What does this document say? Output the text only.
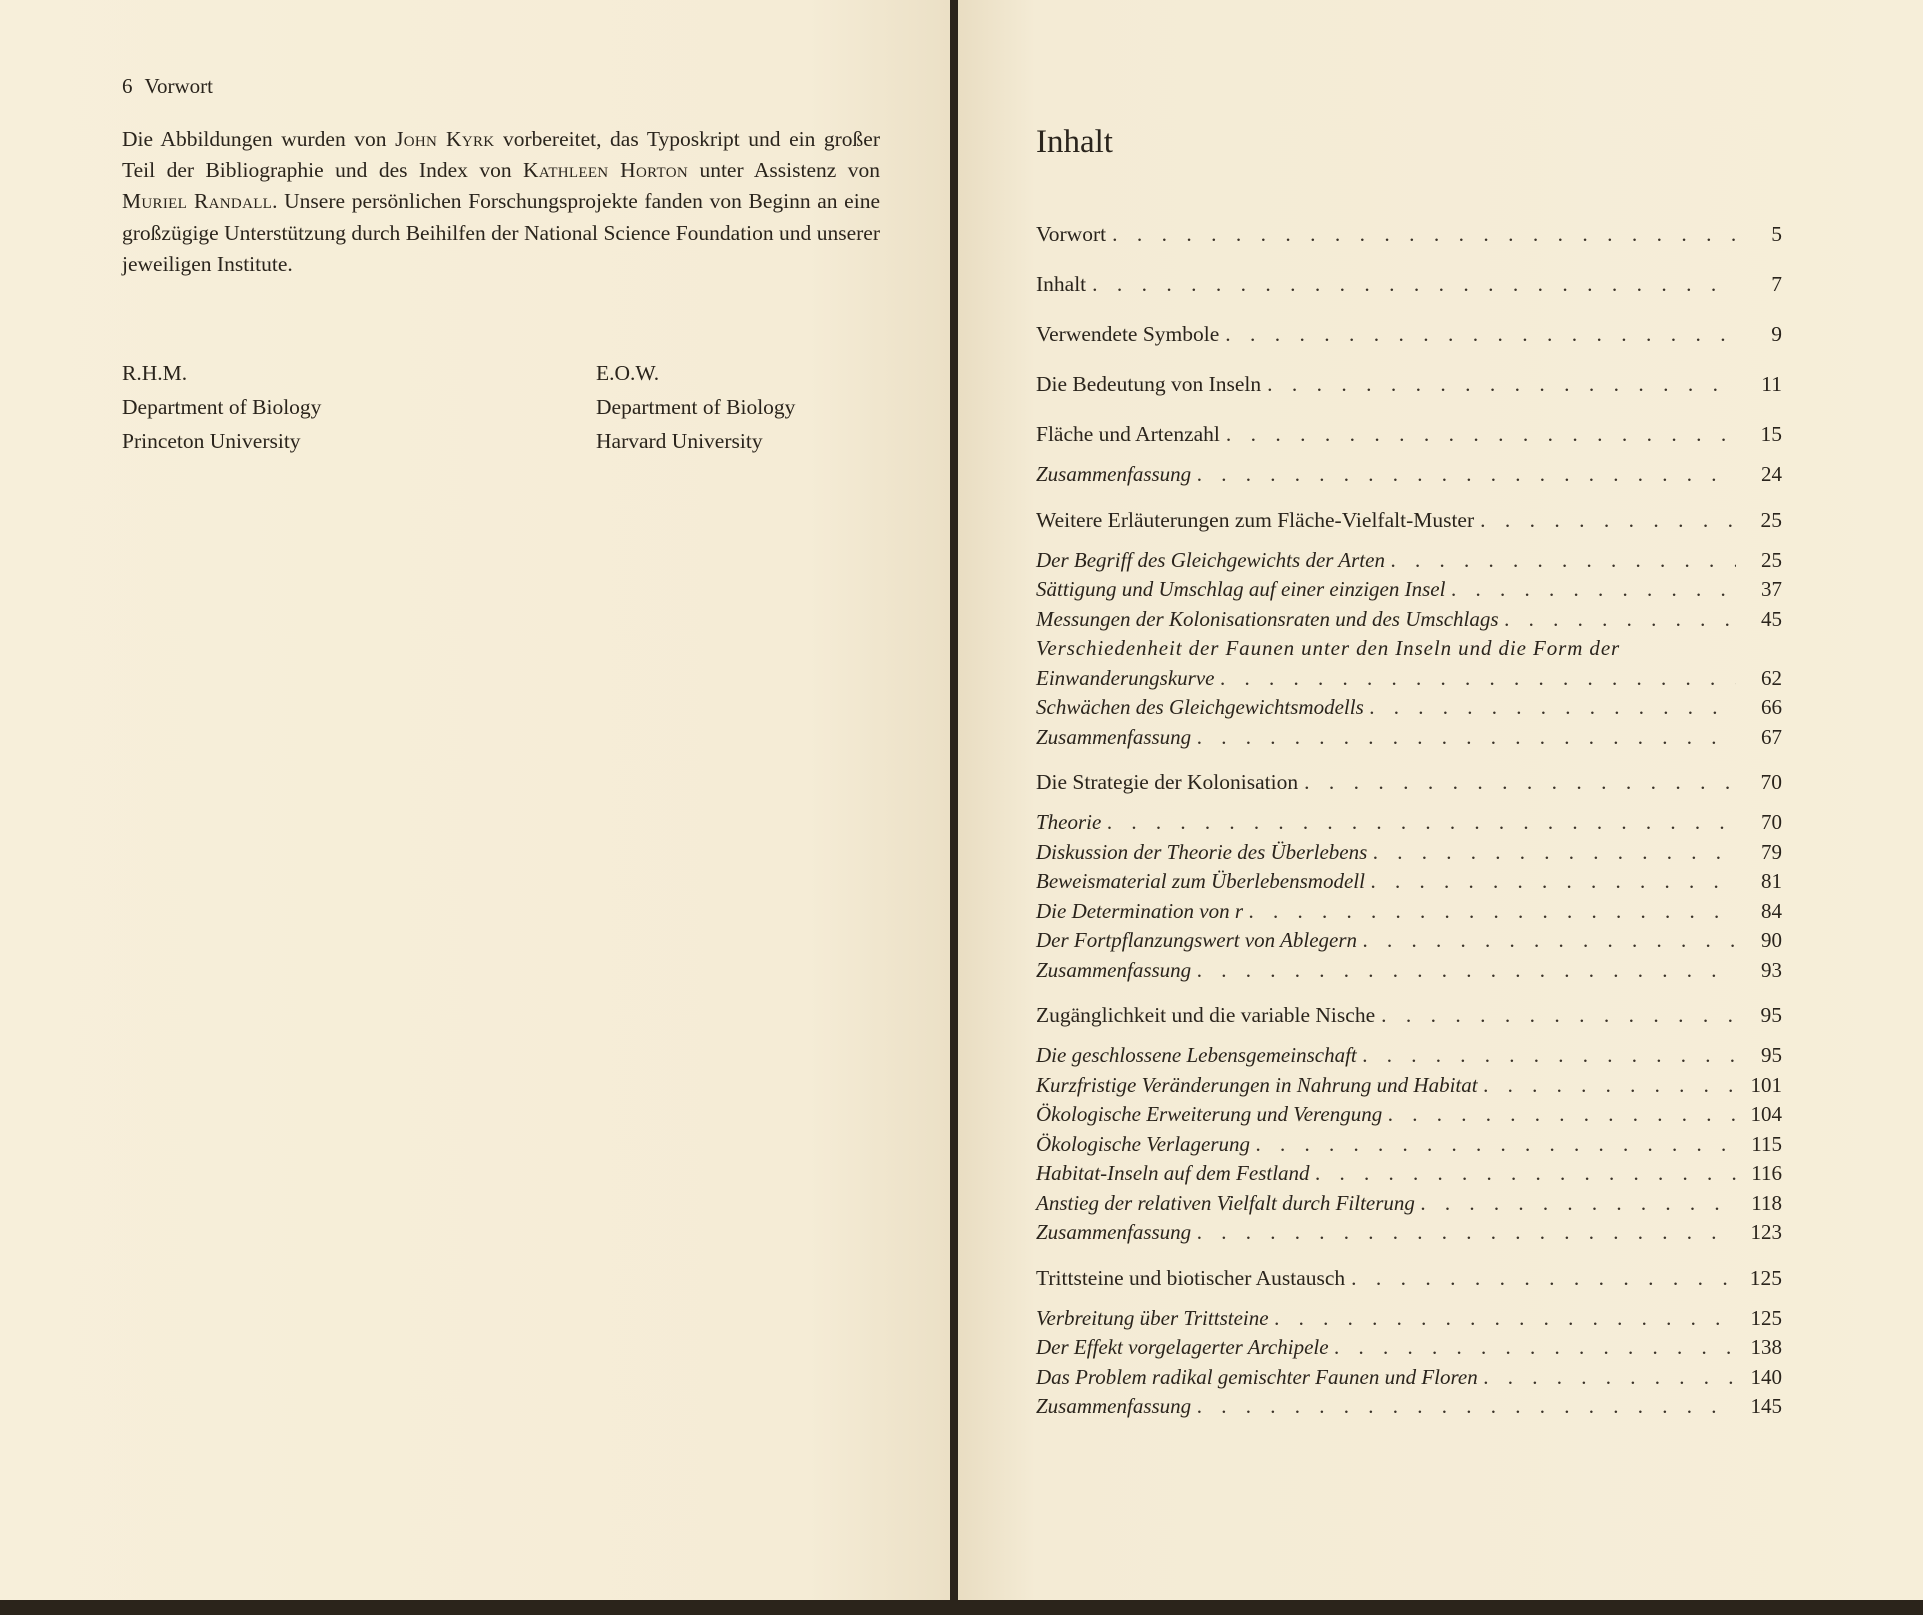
6 Vorwort

Die Abbildungen wurden von John Kyrk vorbereitet, das Typoskript und ein großer Teil der Bibliographie und des Index von Kathleen Horton unter Assistenz von Muriel Randall. Unsere persönlichen Forschungsprojekte fanden von Beginn an eine großzügige Unterstützung durch Beihilfen der National Science Foundation und unserer jeweiligen Institute.

R.H.M.
Department of Biology
Princeton University
E.O.W.
Department of Biology
Harvard University
Inhalt
Vorwort . . .	5
Inhalt . . .	7
Verwendete Symbole . . .	9
Die Bedeutung von Inseln . . .	11
Fläche und Artenzahl . . .	15
Zusammenfassung . . .	24
Weitere Erläuterungen zum Fläche-Vielfalt-Muster . . .	25
Der Begriff des Gleichgewichts der Arten . . .	25
Sättigung und Umschlag auf einer einzigen Insel . . .	37
Messungen der Kolonisationsraten und des Umschlags . . .	45
Verschiedenheit der Faunen unter den Inseln und die Form der
Einwanderungskurve . . .	62
Schwächen des Gleichgewichtsmodells . . .	66
Zusammenfassung . . .	67
Die Strategie der Kolonisation . . .	70
Theorie . . .	70
Diskussion der Theorie des Überlebens . . .	79
Beweismaterial zum Überlebensmodell . . .	81
Die Determination von r . . .	84
Der Fortpflanzungswert von Ablegern . . .	90
Zusammenfassung . . .	93
Zugänglichkeit und die variable Nische . . .	95
Die geschlossene Lebensgemeinschaft . . .	95
Kurzfristige Veränderungen in Nahrung und Habitat . . .	101
Ökologische Erweiterung und Verengung . . .	104
Ökologische Verlagerung . . .	115
Habitat-Inseln auf dem Festland . . .	116
Anstieg der relativen Vielfalt durch Filterung . . .	118
Zusammenfassung . . .	123
Trittsteine und biotischer Austausch . . .	125
Verbreitung über Trittsteine . . .	125
Der Effekt vorgelagerter Archipele . . .	138
Das Problem radikal gemischter Faunen und Floren . . .	140
Zusammenfassung . . .	145
